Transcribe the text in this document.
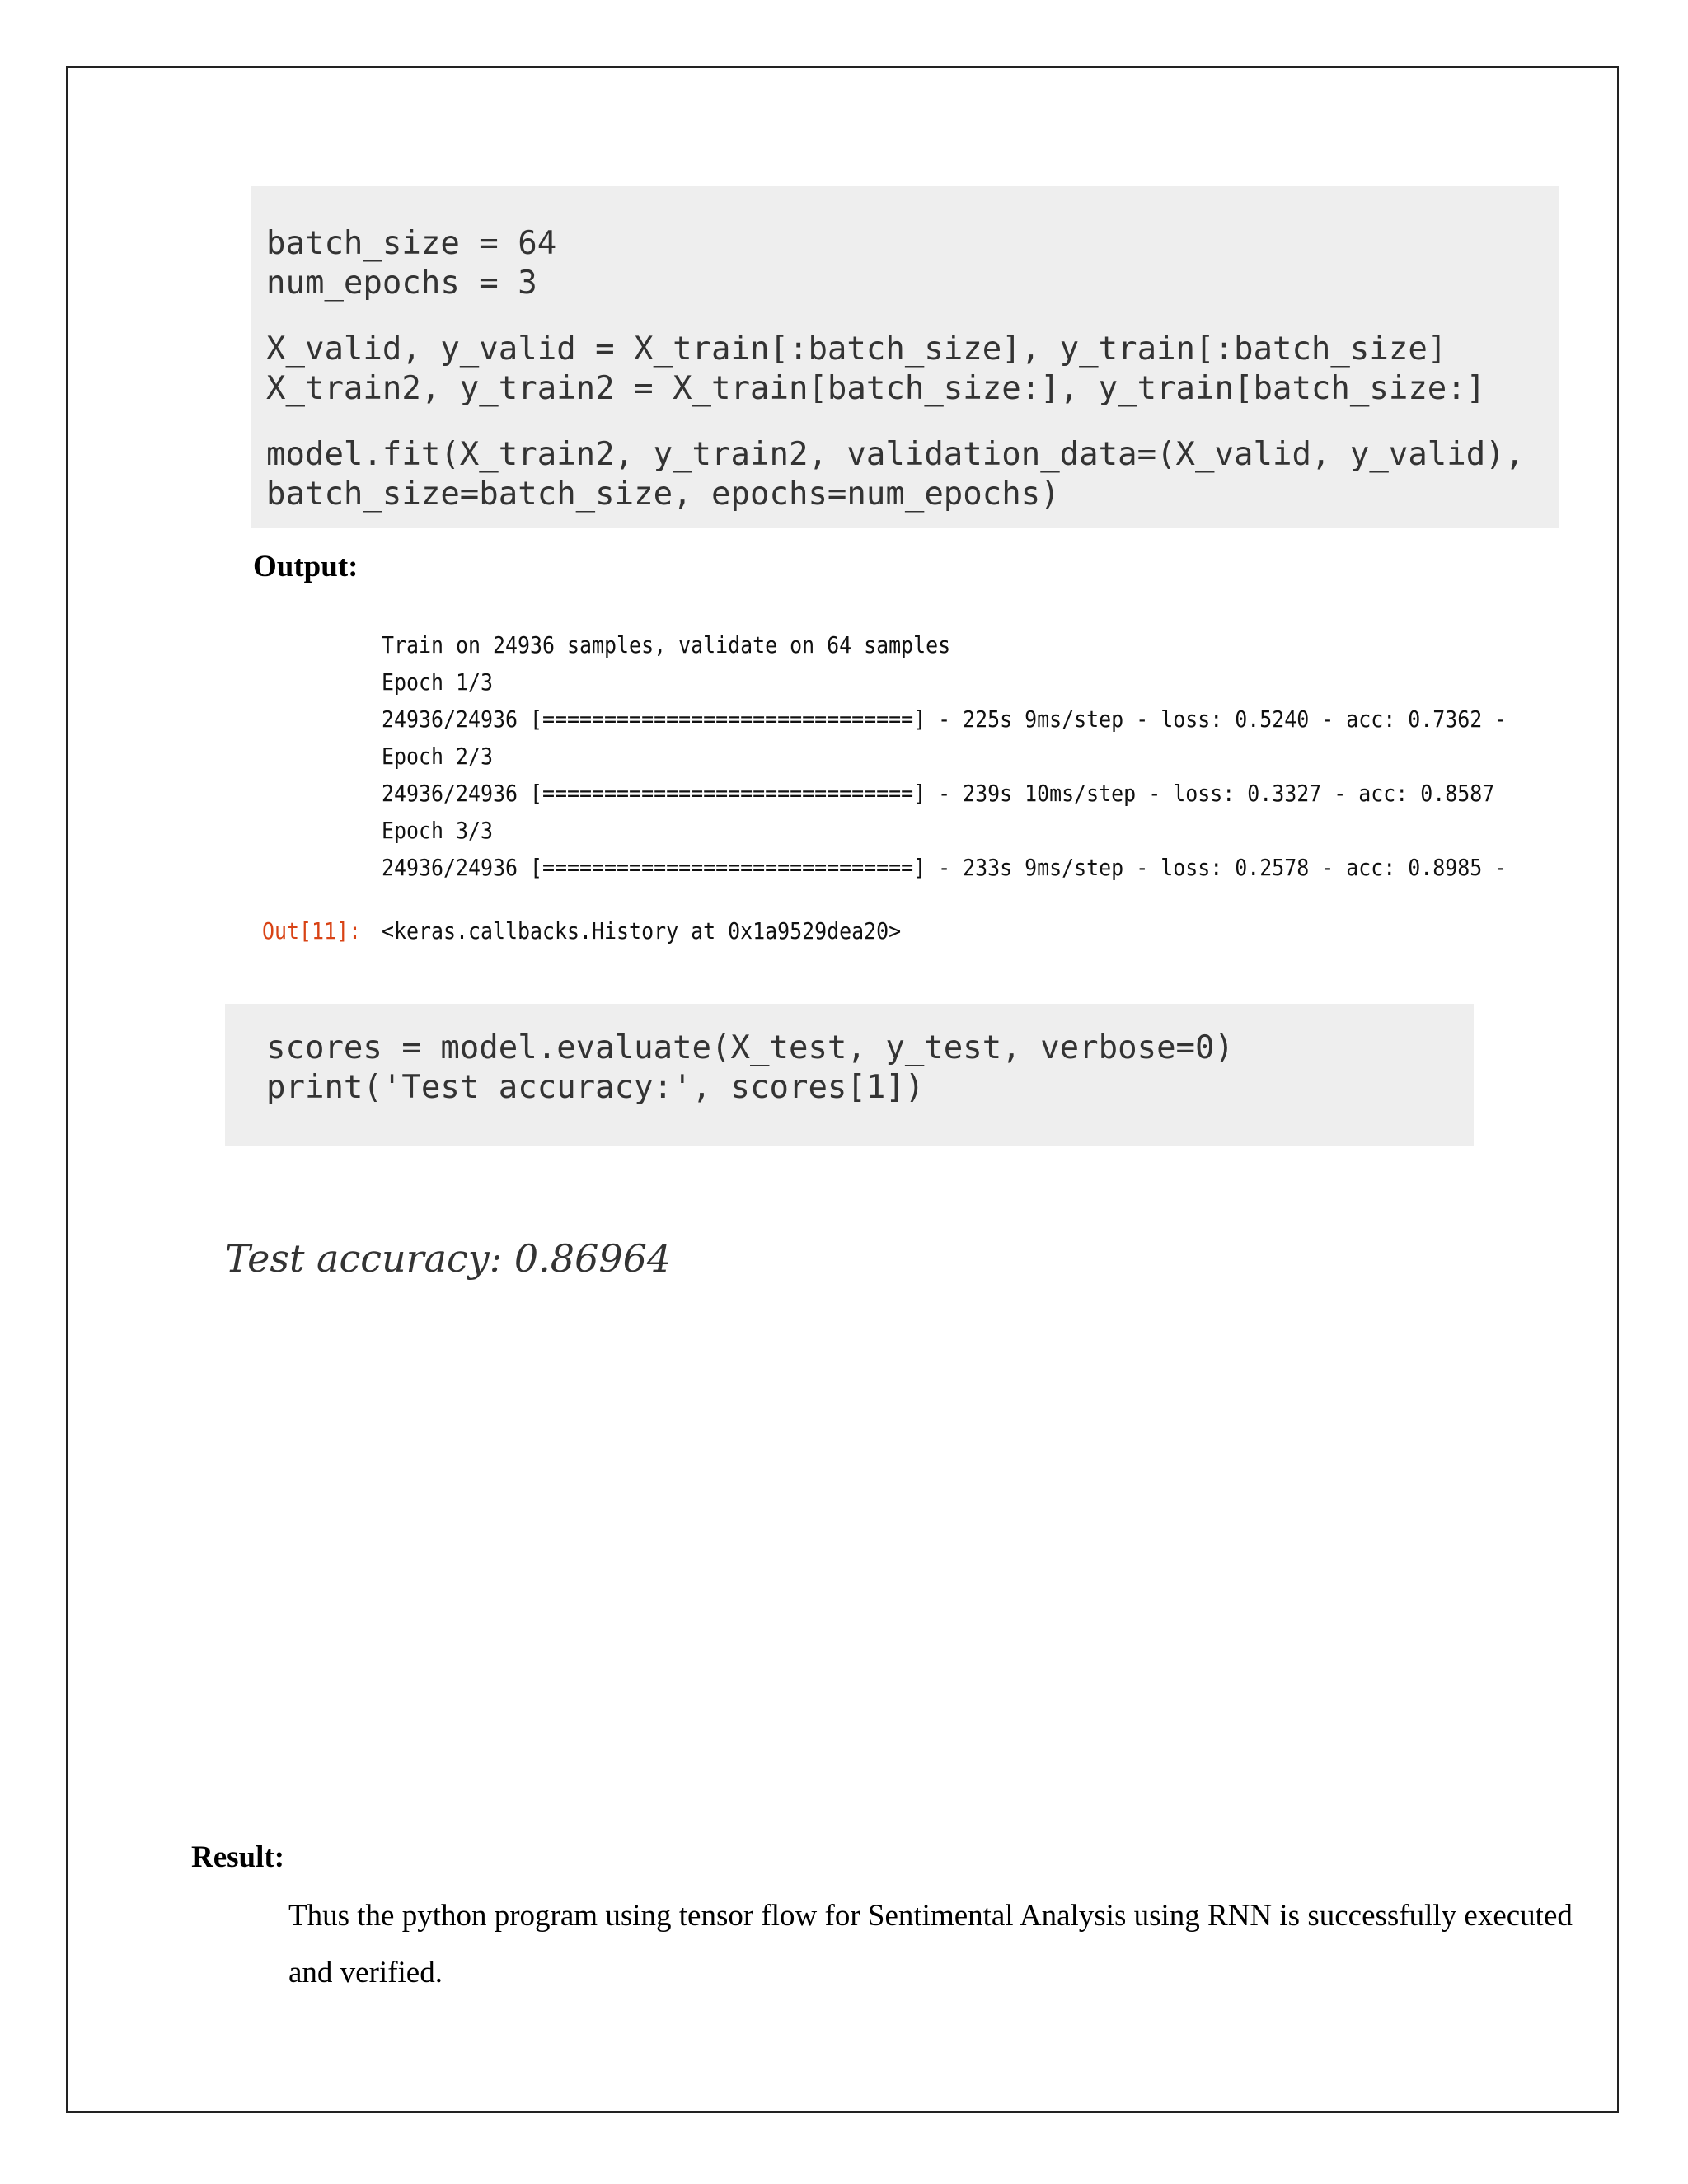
batch_size = 64
num_epochs = 3
X_valid, y_valid = X_train[:batch_size], y_train[:batch_size]
X_train2, y_train2 = X_train[batch_size:], y_train[batch_size:]
model.fit(X_train2, y_train2, validation_data=(X_valid, y_valid),
batch_size=batch_size, epochs=num_epochs)
Output:
Train on 24936 samples, validate on 64 samples
Epoch 1/3
24936/24936 [==============================] - 225s 9ms/step - loss: 0.5240 - acc: 0.7362 -
Epoch 2/3
24936/24936 [==============================] - 239s 10ms/step - loss: 0.3327 - acc: 0.8587
Epoch 3/3
24936/24936 [==============================] - 233s 9ms/step - loss: 0.2578 - acc: 0.8985 -
Out[11]: <keras.callbacks.History at 0x1a9529dea20>
scores = model.evaluate(X_test, y_test, verbose=0)
print('Test accuracy:', scores[1])
Test accuracy: 0.86964
Result:
Thus the python program using tensor flow for Sentimental Analysis using RNN is successfully executed and verified.
